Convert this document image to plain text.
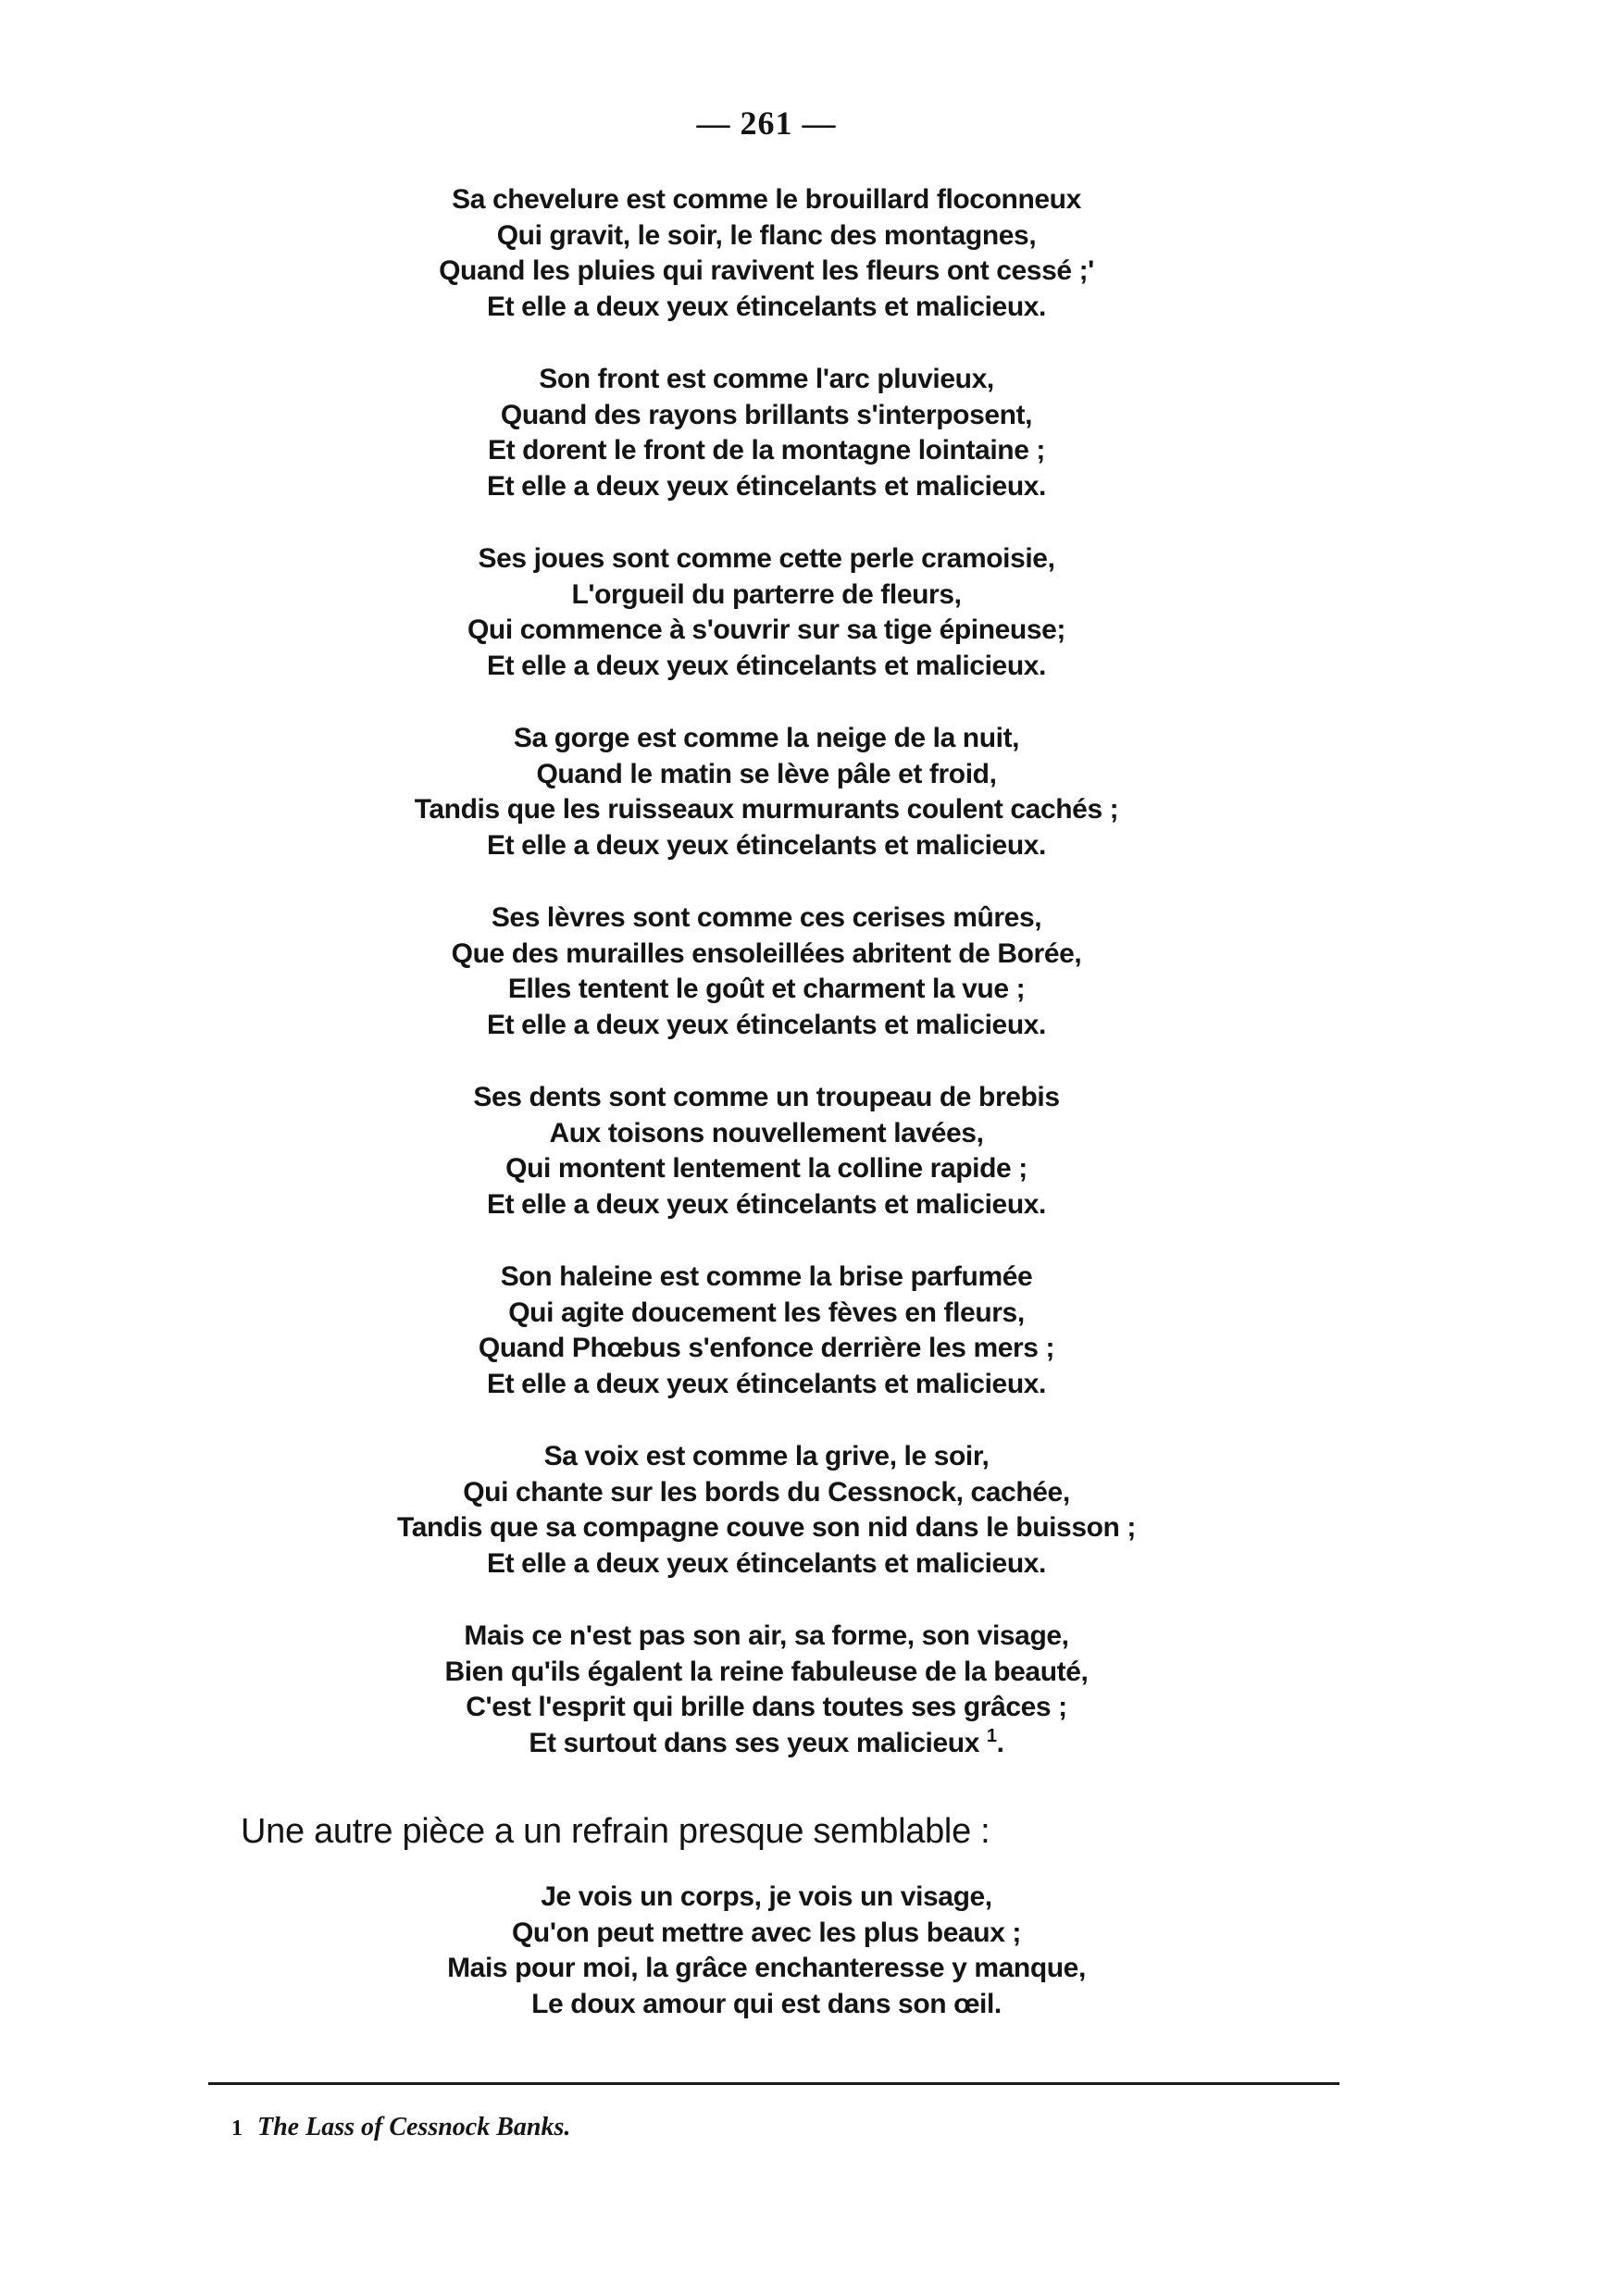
— 261 —
Sa chevelure est comme le brouillard floconneux
Qui gravit, le soir, le flanc des montagnes,
Quand les pluies qui ravivent les fleurs ont cessé ;'
Et elle a deux yeux étincelants et malicieux.
Son front est comme l'arc pluvieux,
Quand des rayons brillants s'interposent,
Et dorent le front de la montagne lointaine ;
Et elle a deux yeux étincelants et malicieux.
Ses joues sont comme cette perle cramoisie,
L'orgueil du parterre de fleurs,
Qui commence à s'ouvrir sur sa tige épineuse;
Et elle a deux yeux étincelants et malicieux.
Sa gorge est comme la neige de la nuit,
Quand le matin se lève pâle et froid,
Tandis que les ruisseaux murmurants coulent cachés ;
Et elle a deux yeux étincelants et malicieux.
Ses lèvres sont comme ces cerises mûres,
Que des murailles ensoleillées abritent de Borée,
Elles tentent le goût et charment la vue ;
Et elle a deux yeux étincelants et malicieux.
Ses dents sont comme un troupeau de brebis
Aux toisons nouvellement lavées,
Qui montent lentement la colline rapide ;
Et elle a deux yeux étincelants et malicieux.
Son haleine est comme la brise parfumée
Qui agite doucement les fèves en fleurs,
Quand Phœbus s'enfonce derrière les mers ;
Et elle a deux yeux étincelants et malicieux.
Sa voix est comme la grive, le soir,
Qui chante sur les bords du Cessnock, cachée,
Tandis que sa compagne couve son nid dans le buisson ;
Et elle a deux yeux étincelants et malicieux.
Mais ce n'est pas son air, sa forme, son visage,
Bien qu'ils égalent la reine fabuleuse de la beauté,
C'est l'esprit qui brille dans toutes ses grâces ;
Et surtout dans ses yeux malicieux $^1$.
Une autre pièce a un refrain presque semblable :
Je vois un corps, je vois un visage,
Qu'on peut mettre avec les plus beaux ;
Mais pour moi, la grâce enchanteresse y manque,
Le doux amour qui est dans son œil.
1 The Lass of Cessnock Banks.
